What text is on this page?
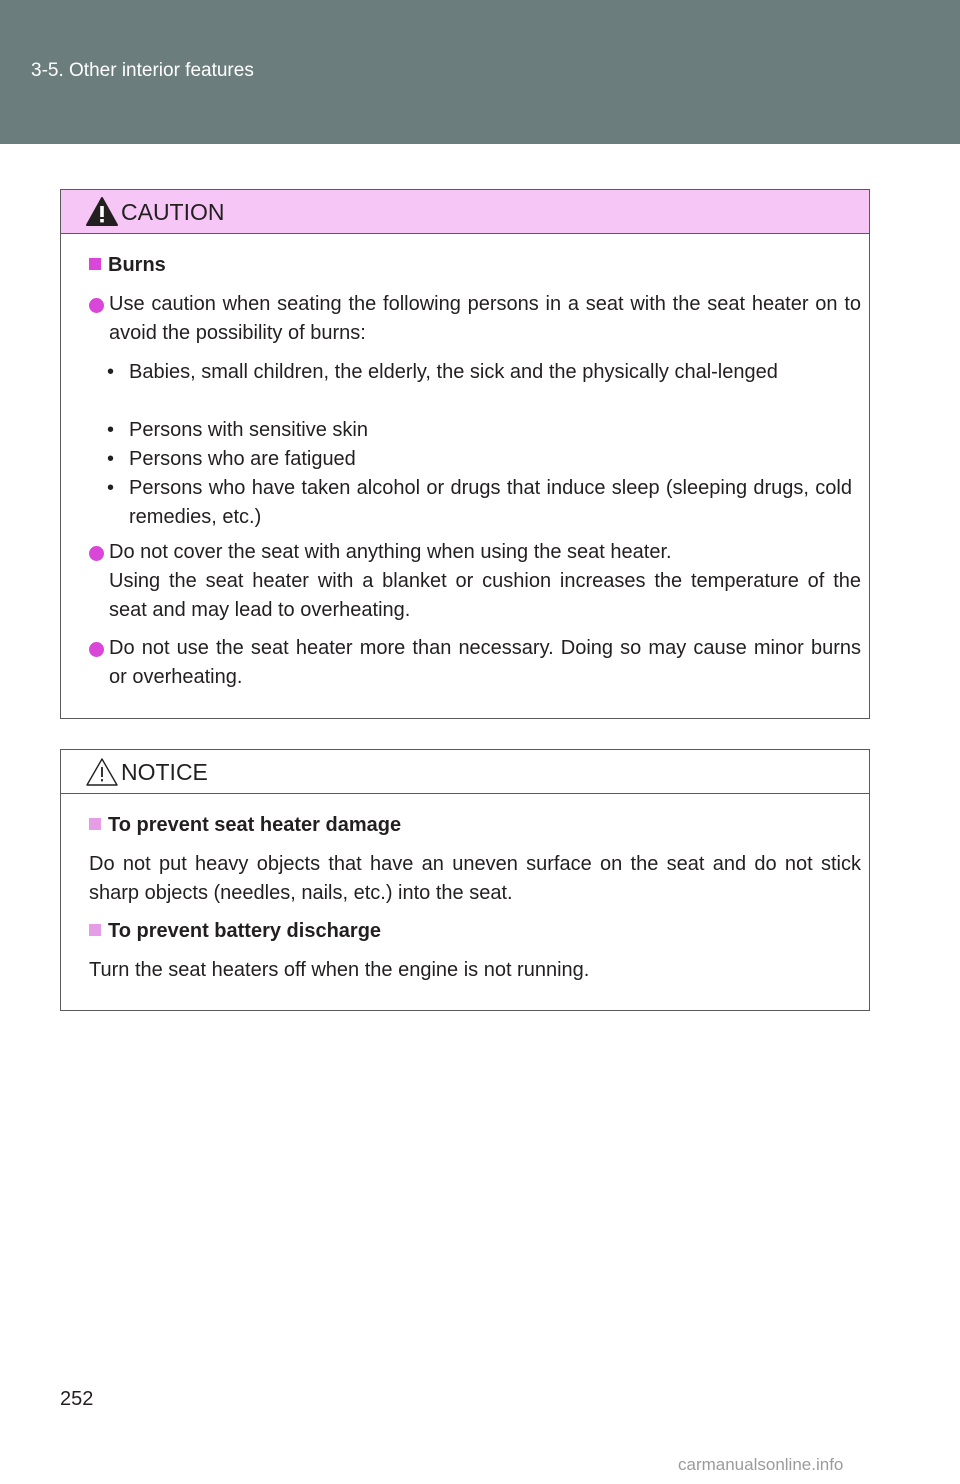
3-5. Other interior features
CAUTION
Burns
Use caution when seating the following persons in a seat with the seat heater on to avoid the possibility of burns:
• Babies, small children, the elderly, the sick and the physically chal-lenged
• Persons with sensitive skin
• Persons who are fatigued
• Persons who have taken alcohol or drugs that induce sleep (sleeping drugs, cold remedies, etc.)
Do not cover the seat with anything when using the seat heater.
Using the seat heater with a blanket or cushion increases the temperature of the seat and may lead to overheating.
Do not use the seat heater more than necessary. Doing so may cause minor burns or overheating.
NOTICE
To prevent seat heater damage
Do not put heavy objects that have an uneven surface on the seat and do not stick sharp objects (needles, nails, etc.) into the seat.
To prevent battery discharge
Turn the seat heaters off when the engine is not running.
252
carmanualsonline.info
